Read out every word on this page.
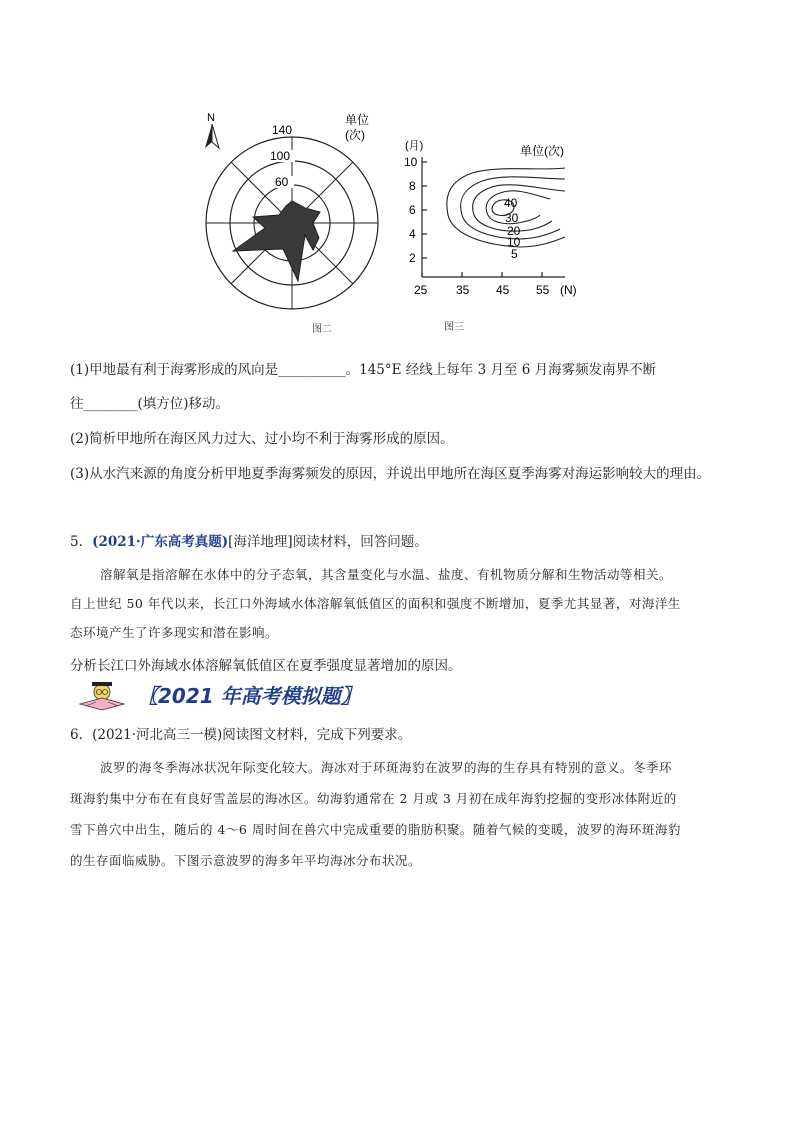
N
140
100
60
单位
(次)
图二
(月)	单位(次)
10
8
6
4
2
25 35 45 55 (N)
40
30
20
10
5
图三
(1)甲地最有利于海雾形成的风向是__________。145°E 经线上每年 3 月至 6 月海雾频发南界不断
往________(填方位)移动。
(2)简析甲地所在海区风力过大、过小均不利于海雾形成的原因。
(3)从水汽来源的角度分析甲地夏季海雾频发的原因，并说出甲地所在海区夏季海雾对海运影响较大的理由。
5．(2021·广东高考真题)[海洋地理]阅读材料，回答问题。
溶解氧是指溶解在水体中的分子态氧，其含量变化与水温、盐度、有机物质分解和生物活动等相关。
自上世纪 50 年代以来，长江口外海域水体溶解氧低值区的面积和强度不断增加，夏季尤其显著，对海洋生
态环境产生了许多现实和潜在影响。
分析长江口外海域水体溶解氧低值区在夏季强度显著增加的原因。
〖2021 年高考模拟题〗
6．(2021·河北高三一模)阅读图文材料，完成下列要求。
波罗的海冬季海冰状况年际变化较大。海冰对于环斑海豹在波罗的海的生存具有特别的意义。冬季环
斑海豹集中分布在有良好雪盖层的海冰区。幼海豹通常在 2 月或 3 月初在成年海豹挖掘的变形冰体附近的
雪下兽穴中出生，随后的 4～6 周时间在兽穴中完成重要的脂肪积聚。随着气候的变暖，波罗的海环斑海豹
的生存面临威胁。下图示意波罗的海多年平均海冰分布状况。
